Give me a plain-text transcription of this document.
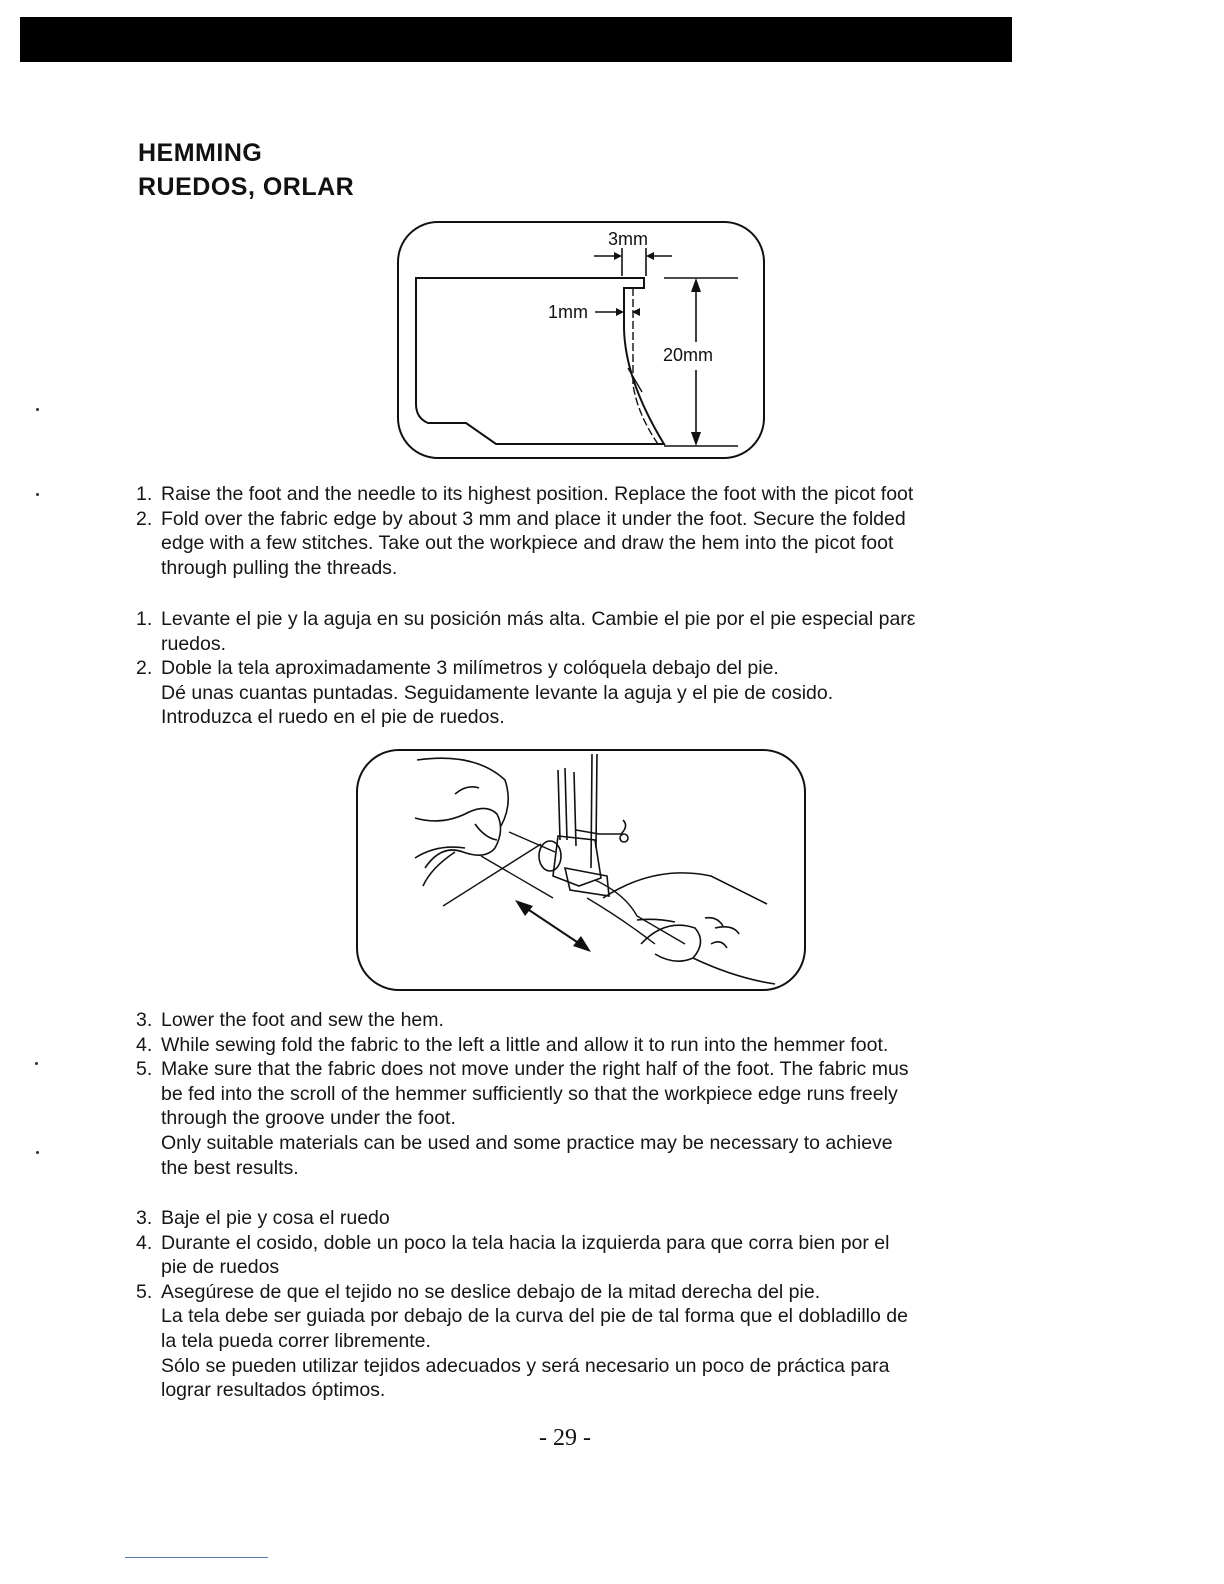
HEMMING
RUEDOS, ORLAR
3mm
1mm
20mm
1. Raise the foot and the needle to its highest position. Replace the foot with the picot foot
2. Fold over the fabric edge by about 3 mm and place it under the foot. Secure the folded
edge with a few stitches. Take out the workpiece and draw the hem into the picot foot
through pulling the threads.
1. Levante el pie y la aguja en su posición más alta. Cambie el pie por el pie especial parε
ruedos.
2. Doble la tela aproximadamente 3 milímetros y colóquela debajo del pie.
Dé unas cuantas puntadas. Seguidamente levante la aguja y el pie de cosido.
Introduzca el ruedo en el pie de ruedos.
3. Lower the foot and sew the hem.
4. While sewing fold the fabric to the left a little and allow it to run into the hemmer foot.
5. Make sure that the fabric does not move under the right half of the foot. The fabric mus
be fed into the scroll of the hemmer sufficiently so that the workpiece edge runs freely
through the groove under the foot.
Only suitable materials can be used and some practice may be necessary to achieve
the best results.
3. Baje el pie y cosa el ruedo
4. Durante el cosido, doble un poco la tela hacia la izquierda para que corra bien por el
pie de ruedos
5. Asegúrese de que el tejido no se deslice debajo de la mitad derecha del pie.
La tela debe ser guiada por debajo de la curva del pie de tal forma que el dobladillo de
la tela pueda correr libremente.
Sólo se pueden utilizar tejidos adecuados y será necesario un poco de práctica para
lograr resultados óptimos.
- 29 -
